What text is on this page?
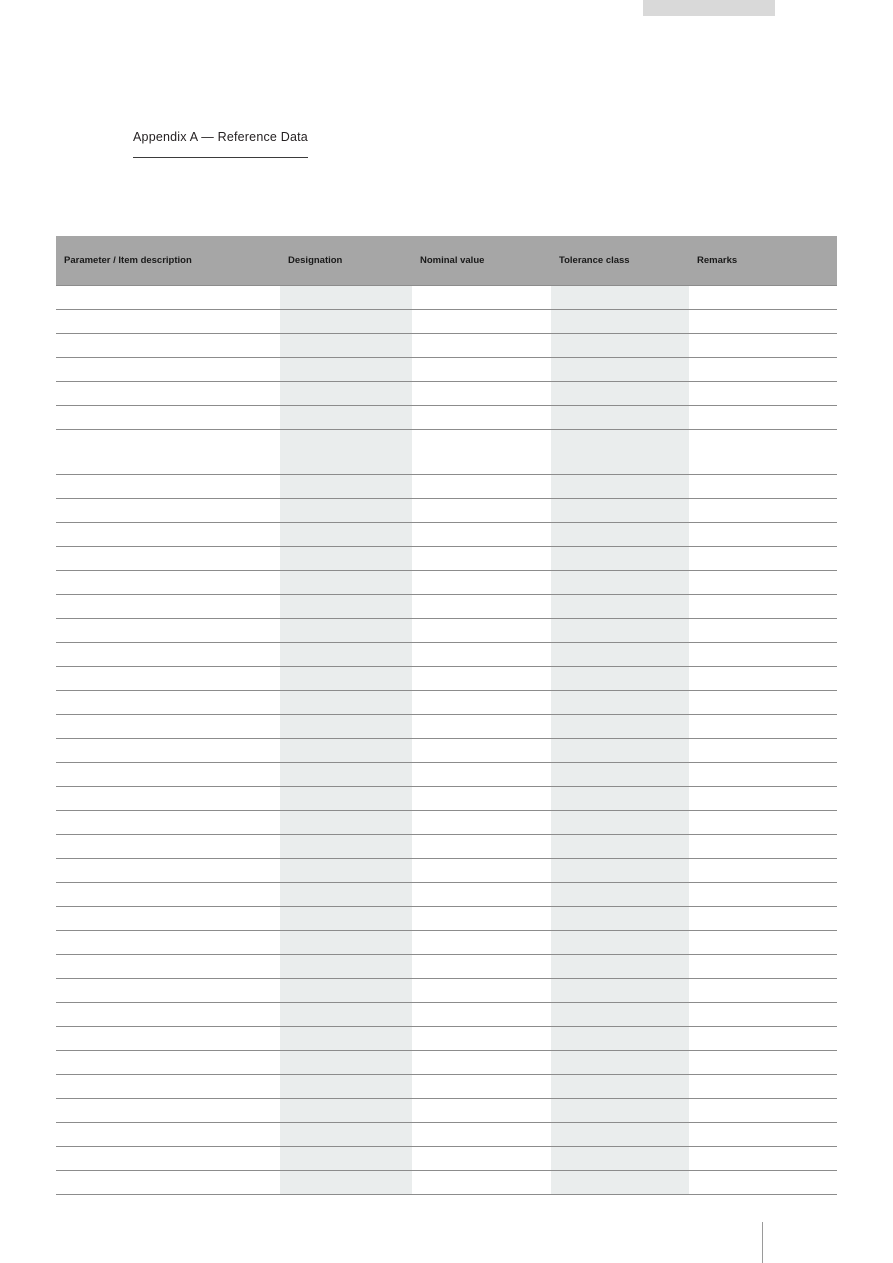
Appendix A — Reference Data
Parameter / Item description	Designation	Nominal value	Tolerance class	Remarks
